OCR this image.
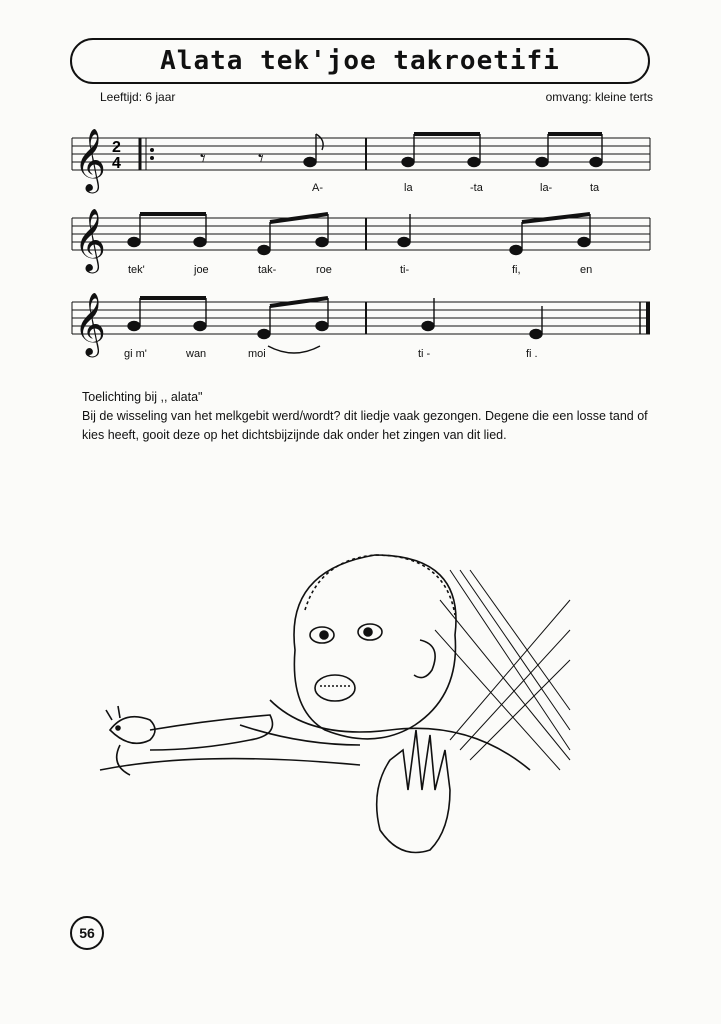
Alata tek'joe takroetifi
Leeftijd: 6 jaar	omvang: kleine terts
𝄞
𝄞
𝄞
2
4	𝄾 𝄾
A-	la	-ta	la-	ta
tek'	joe	tak-	roe	ti-	fi,	en
gi m'	wan	moi	ti -	fi .

Toelichting bij ,, alata"

Bij de wisseling van het melkgebit werd/wordt? dit liedje vaak gezongen. Degene die een losse tand of kies heeft, gooit deze op het dichtsbijzijnde dak onder het zingen van dit lied.

56
